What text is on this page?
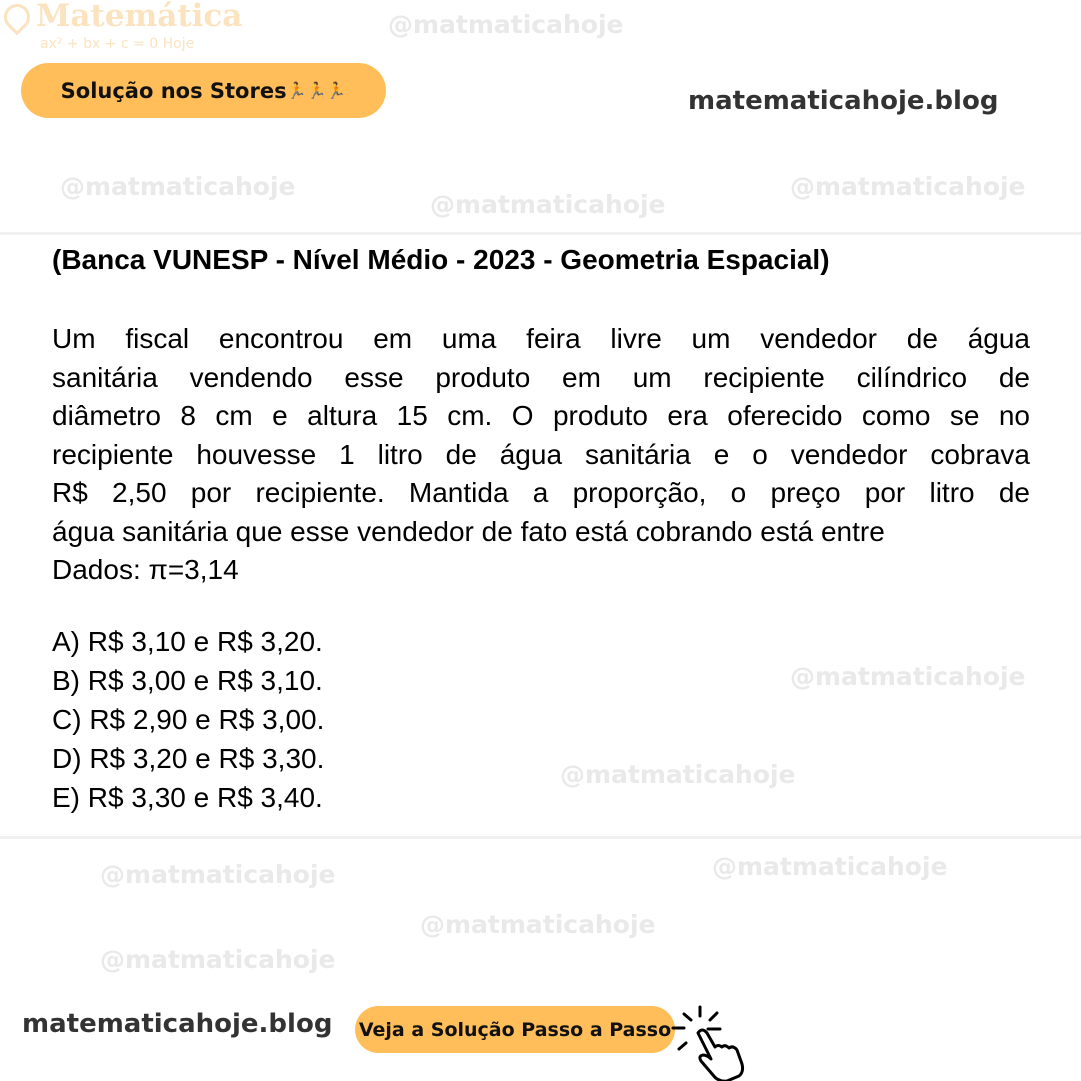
@matmaticahoje
@matmaticahoje
@matmaticahoje
@matmaticahoje
@matmaticahoje
@matmaticahoje
@matmaticahoje	@matmaticahoje
@matmaticahoje
@matmaticahoje
Matemática
ax² + bx + c = 0 Hoje
Solução nos Stores 🏃🏃🏃	matematicahoje.blog
(Banca VUNESP - Nível Médio - 2023 - Geometria Espacial)
Um fiscal encontrou em uma feira livre um vendedor de água
sanitária vendendo esse produto em um recipiente cilíndrico de
diâmetro 8 cm e altura 15 cm. O produto era oferecido como se no
recipiente houvesse 1 litro de água sanitária e o vendedor cobrava
R$ 2,50 por recipiente. Mantida a proporção, o preço por litro de
água sanitária que esse vendedor de fato está cobrando está entre
Dados: π=3,14
A) R$ 3,10 e R$ 3,20.
B) R$ 3,00 e R$ 3,10.
C) R$ 2,90 e R$ 3,00.
D) R$ 3,20 e R$ 3,30.
E) R$ 3,30 e R$ 3,40.
matematicahoje.blog Veja a Solução Passo a Passo
